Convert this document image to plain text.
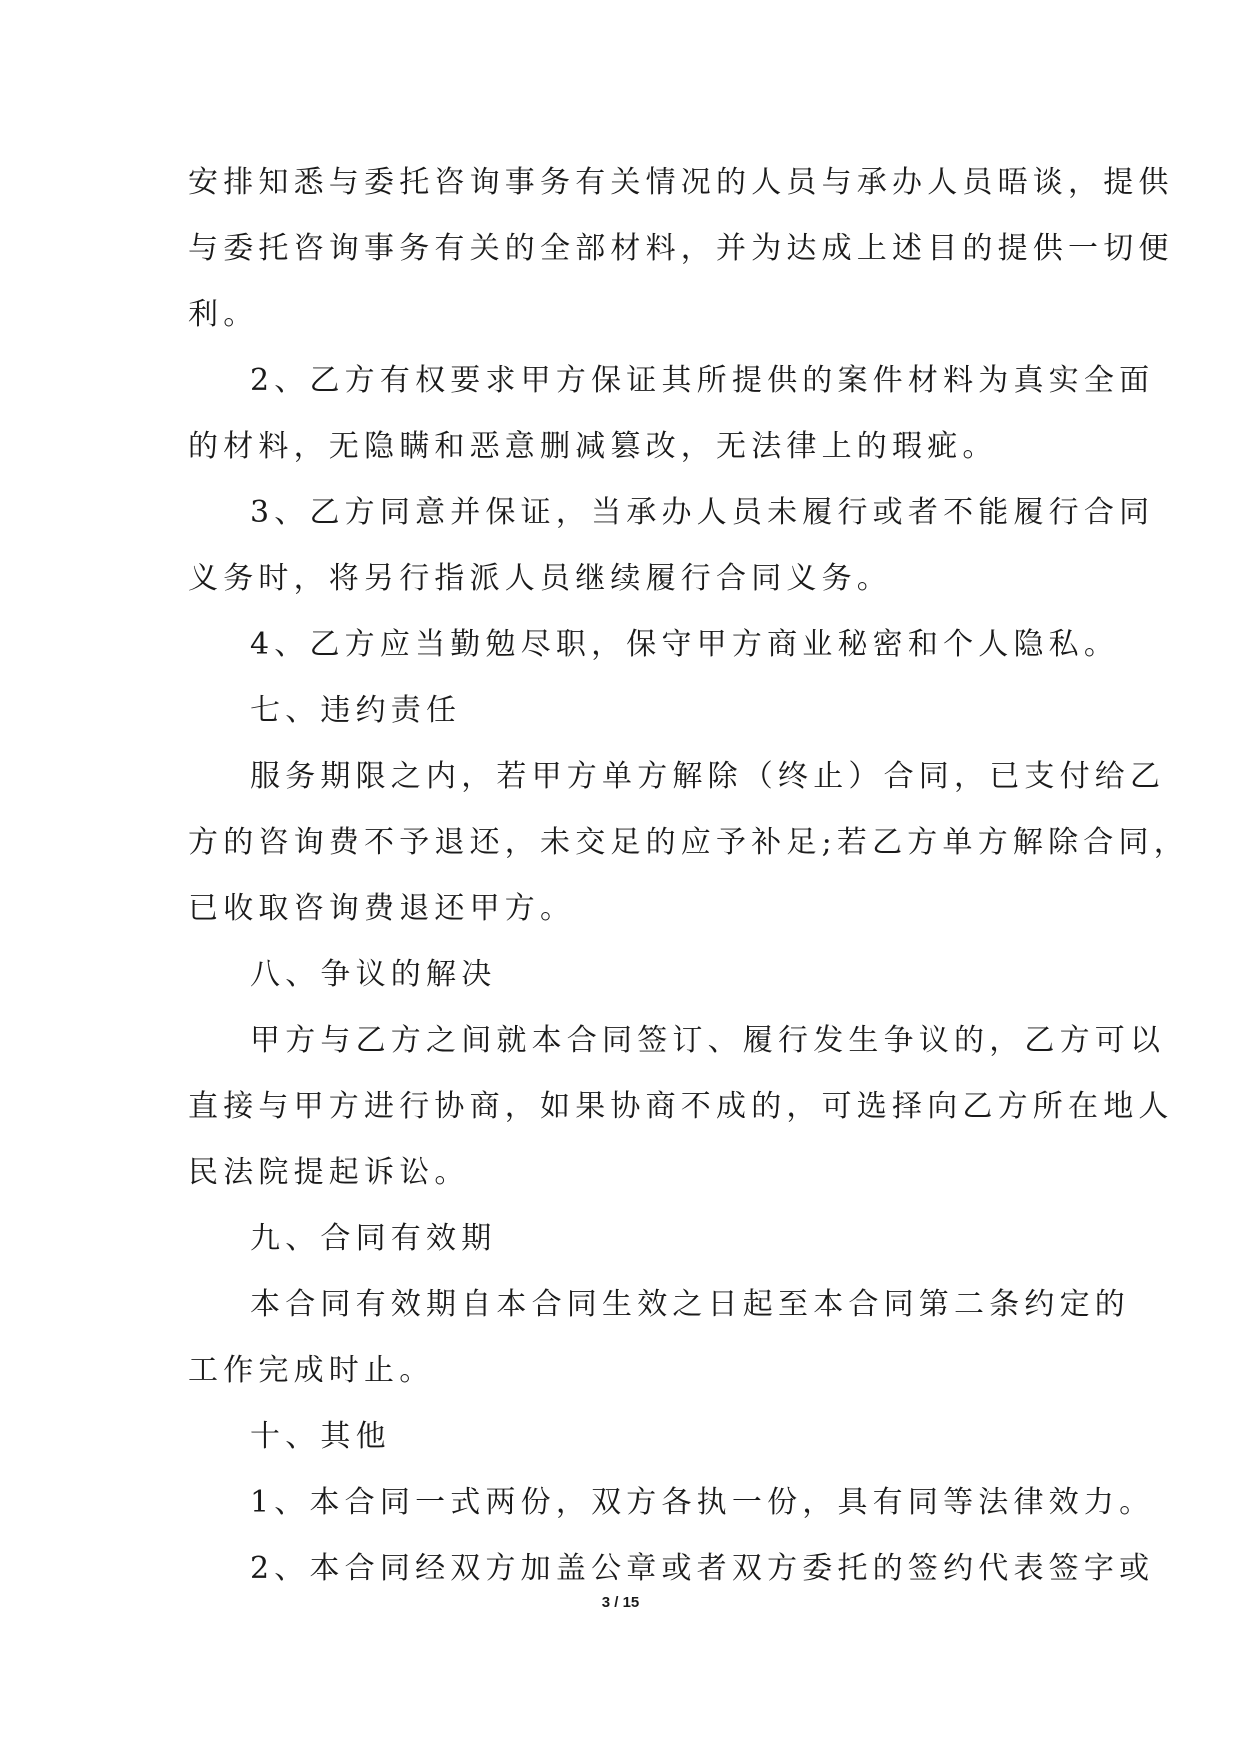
安排知悉与委托咨询事务有关情况的人员与承办人员晤谈，提供

与委托咨询事务有关的全部材料，并为达成上述目的提供一切便

利。

2、乙方有权要求甲方保证其所提供的案件材料为真实全面

的材料，无隐瞒和恶意删减篡改，无法律上的瑕疵。

3、乙方同意并保证，当承办人员未履行或者不能履行合同

义务时，将另行指派人员继续履行合同义务。

4、乙方应当勤勉尽职，保守甲方商业秘密和个人隐私。

七、违约责任

服务期限之内，若甲方单方解除（终止）合同，已支付给乙

方的咨询费不予退还，未交足的应予补足;若乙方单方解除合同，

已收取咨询费退还甲方。

八、争议的解决

甲方与乙方之间就本合同签订、履行发生争议的，乙方可以

直接与甲方进行协商，如果协商不成的，可选择向乙方所在地人

民法院提起诉讼。

九、合同有效期

本合同有效期自本合同生效之日起至本合同第二条约定的

工作完成时止。

十、其他

1、本合同一式两份，双方各执一份，具有同等法律效力。

2、本合同经双方加盖公章或者双方委托的签约代表签字或

3 / 15
